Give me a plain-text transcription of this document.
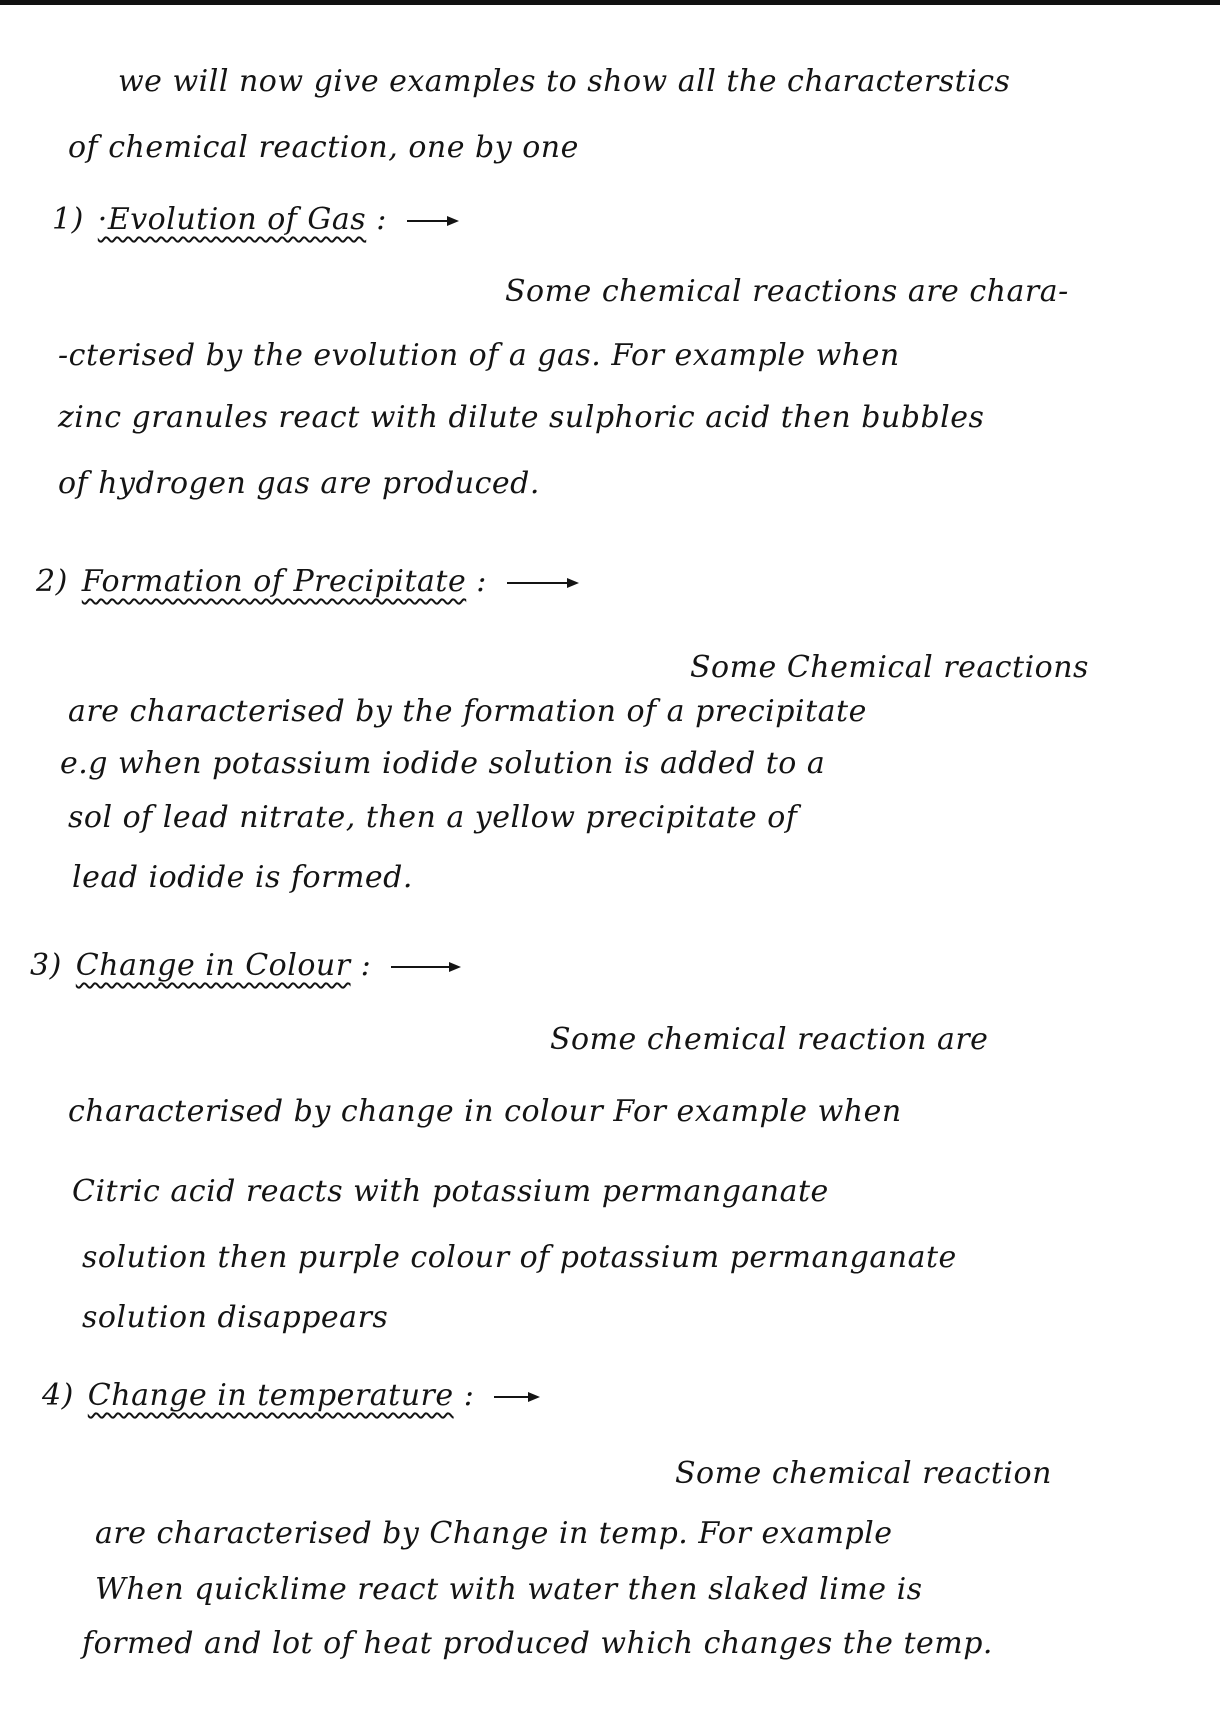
we will now give examples to show all the characterstics
of chemical reaction, one by one
1) ·Evolution of Gas :
Some chemical reactions are chara-
-cterised by the evolution of a gas. For example when
zinc granules react with dilute sulphoric acid then bubbles
of hydrogen gas are produced.
2) Formation of Precipitate :
Some Chemical reactions
are characterised by the formation of a precipitate
e.g when potassium iodide solution is added to a
sol of lead nitrate, then a yellow precipitate of
lead iodide is formed.
3) Change in Colour :
Some chemical reaction are
characterised by change in colour For example when
Citric acid reacts with potassium permanganate
solution then purple colour of potassium permanganate
solution disappears
4) Change in temperature :
Some chemical reaction
are characterised by Change in temp. For example
When quicklime react with water then slaked lime is
formed and lot of heat produced which changes the temp.
